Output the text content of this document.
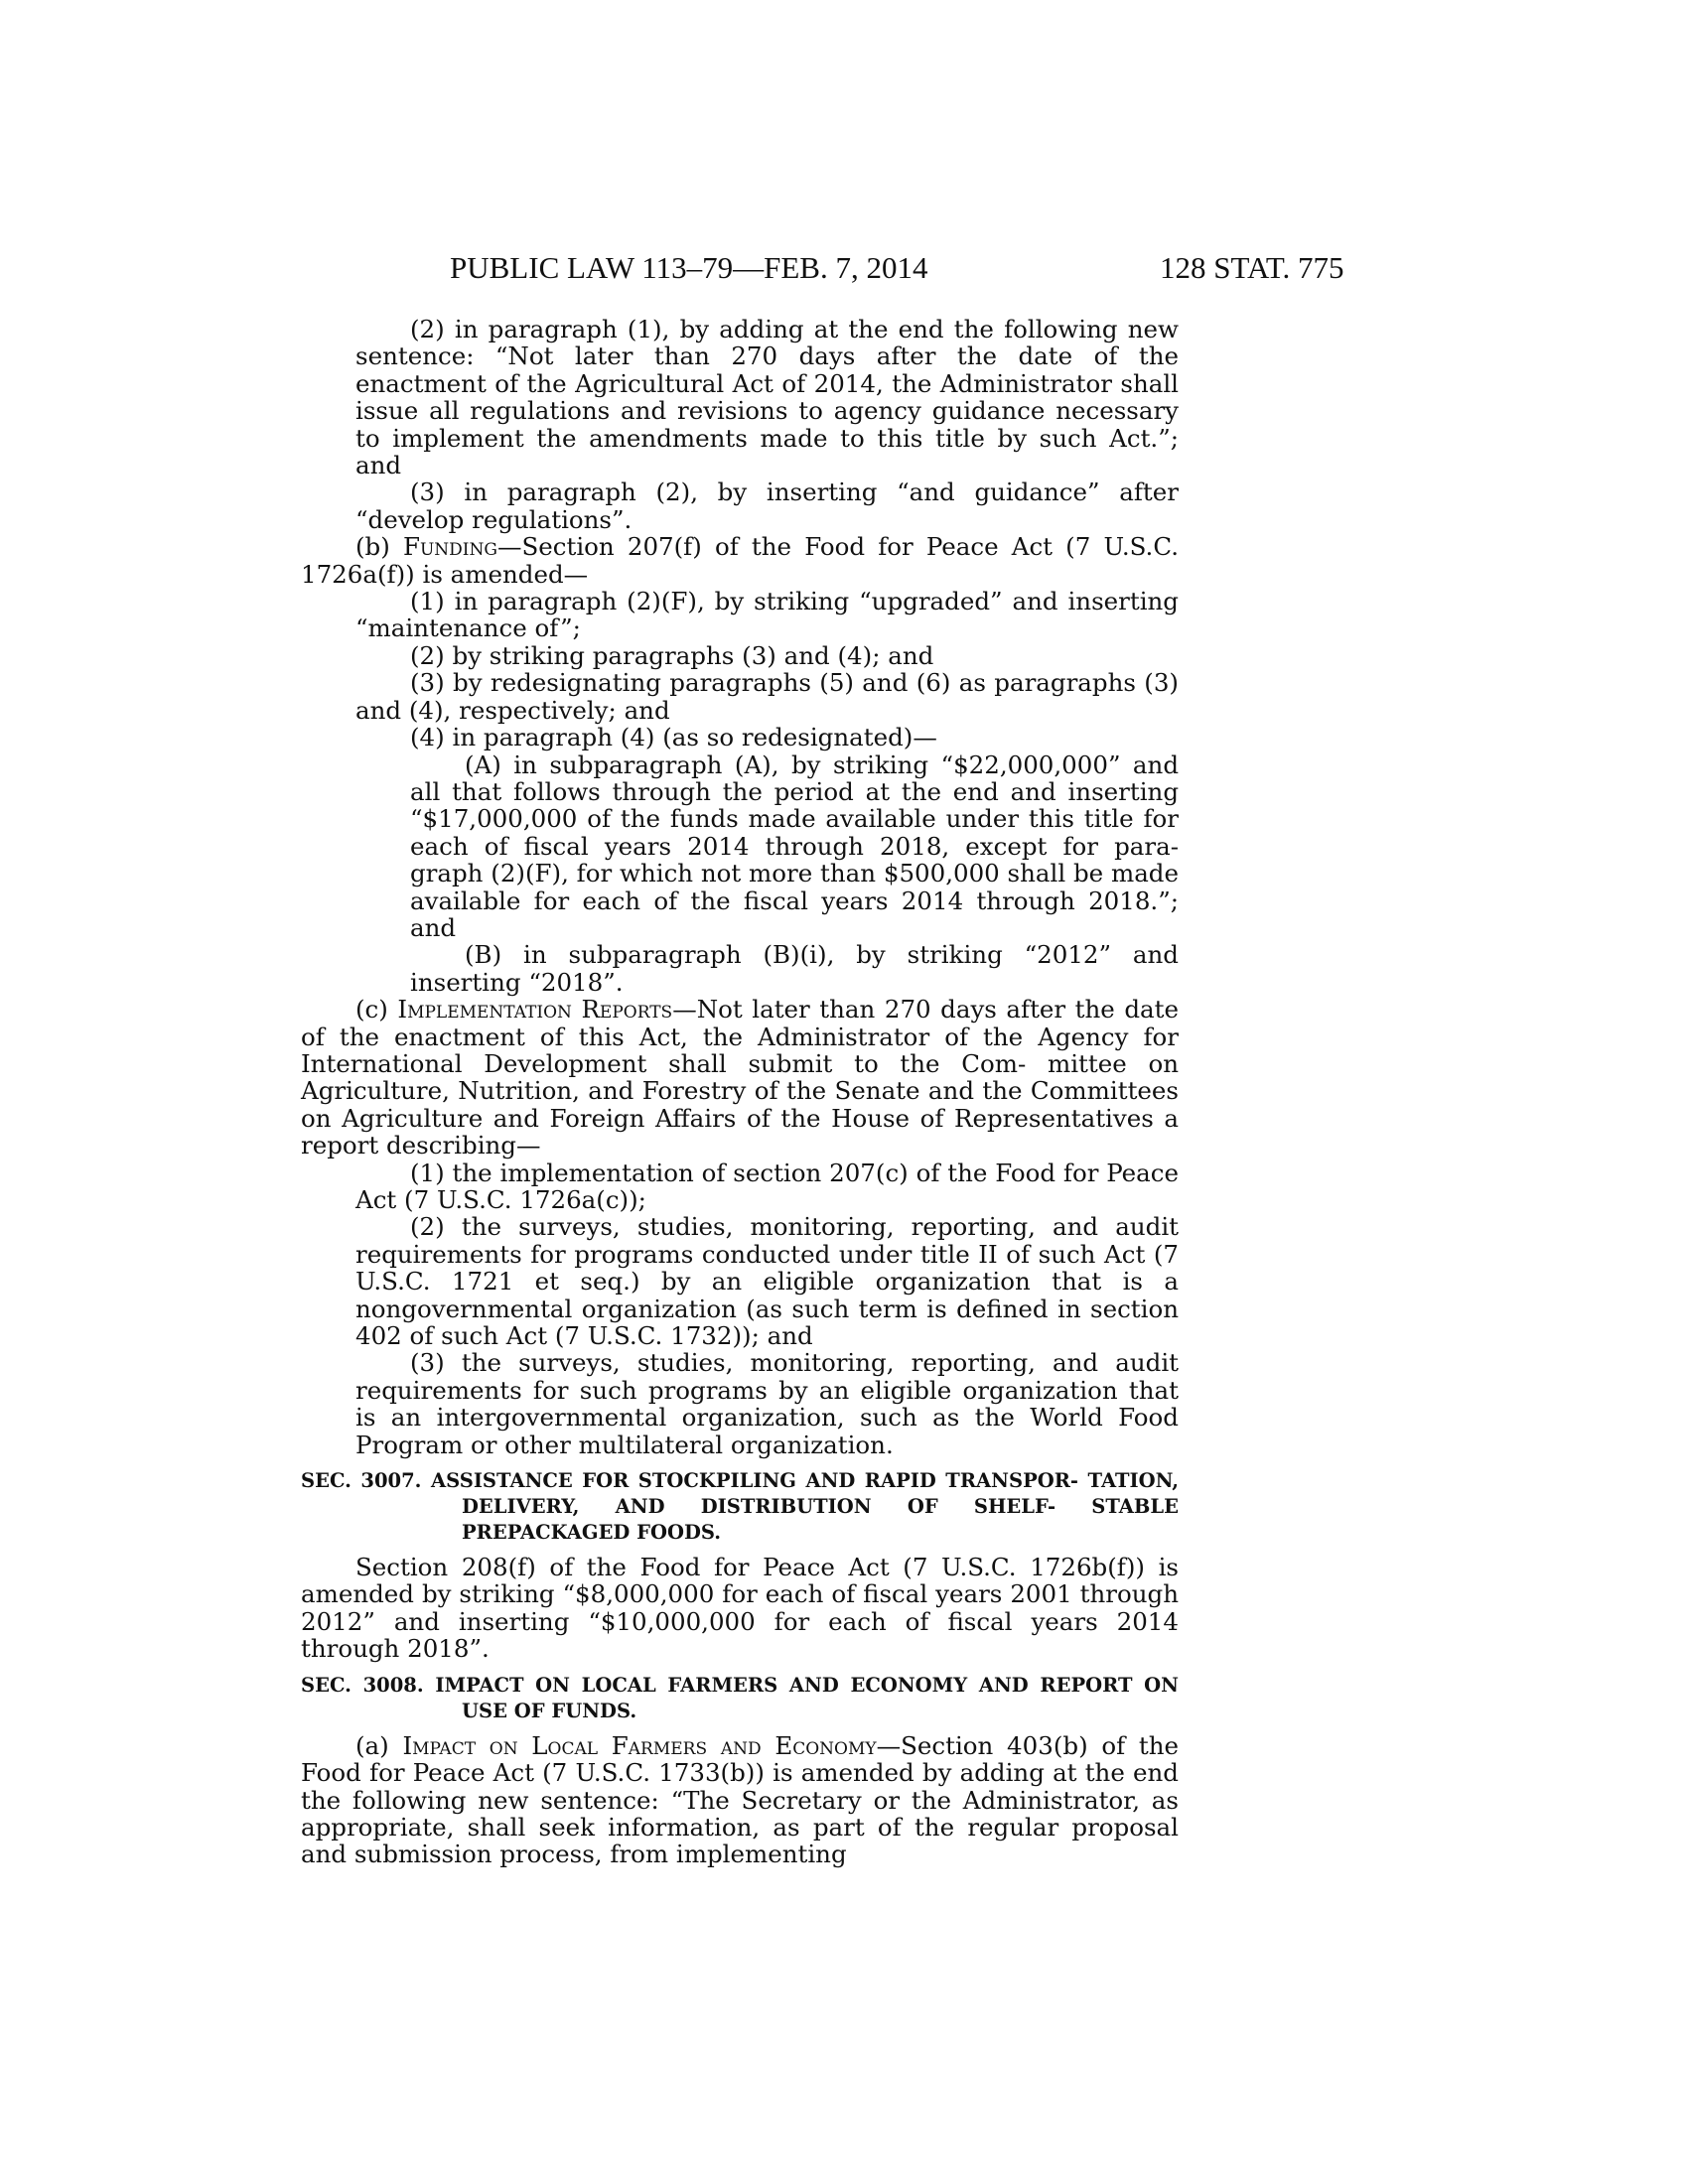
PUBLIC LAW 113–79—FEB. 7, 2014	128 STAT. 775

(2) in paragraph (1), by adding at the end the following new sentence: “Not later than 270 days after the date of the enactment of the Agricultural Act of 2014, the Administrator shall issue all regulations and revisions to agency guidance necessary to implement the amendments made to this title by such Act.”; and

(3) in paragraph (2), by inserting “and guidance” after “develop regulations”.

(b) Funding—Section 207(f) of the Food for Peace Act (7 U.S.C. 1726a(f)) is amended—

(1) in paragraph (2)(F), by striking “upgraded” and inserting “maintenance of”;

(2) by striking paragraphs (3) and (4); and

(3) by redesignating paragraphs (5) and (6) as paragraphs (3) and (4), respectively; and

(4) in paragraph (4) (as so redesignated)—

(A) in subparagraph (A), by striking “$22,000,000” and all that follows through the period at the end and inserting “$17,000,000 of the funds made available under this title for each of fiscal years 2014 through 2018, except for para- graph (2)(F), for which not more than $500,000 shall be made available for each of the fiscal years 2014 through 2018.”; and

(B) in subparagraph (B)(i), by striking “2012” and inserting “2018”.

(c) Implementation Reports—Not later than 270 days after the date of the enactment of this Act, the Administrator of the Agency for International Development shall submit to the Com- mittee on Agriculture, Nutrition, and Forestry of the Senate and the Committees on Agriculture and Foreign Affairs of the House of Representatives a report describing—

(1) the implementation of section 207(c) of the Food for Peace Act (7 U.S.C. 1726a(c));

(2) the surveys, studies, monitoring, reporting, and audit requirements for programs conducted under title II of such Act (7 U.S.C. 1721 et seq.) by an eligible organization that is a nongovernmental organization (as such term is defined in section 402 of such Act (7 U.S.C. 1732)); and

(3) the surveys, studies, monitoring, reporting, and audit requirements for such programs by an eligible organization that is an intergovernmental organization, such as the World Food Program or other multilateral organization.

SEC. 3007. ASSISTANCE FOR STOCKPILING AND RAPID TRANSPOR- TATION, DELIVERY, AND DISTRIBUTION OF SHELF- STABLE PREPACKAGED FOODS.

Section 208(f) of the Food for Peace Act (7 U.S.C. 1726b(f)) is amended by striking “$8,000,000 for each of fiscal years 2001 through 2012” and inserting “$10,000,000 for each of fiscal years 2014 through 2018”.

SEC. 3008. IMPACT ON LOCAL FARMERS AND ECONOMY AND REPORT ON USE OF FUNDS.

(a) Impact on Local Farmers and Economy—Section 403(b) of the Food for Peace Act (7 U.S.C. 1733(b)) is amended by adding at the end the following new sentence: “The Secretary or the Administrator, as appropriate, shall seek information, as part of the regular proposal and submission process, from implementing
